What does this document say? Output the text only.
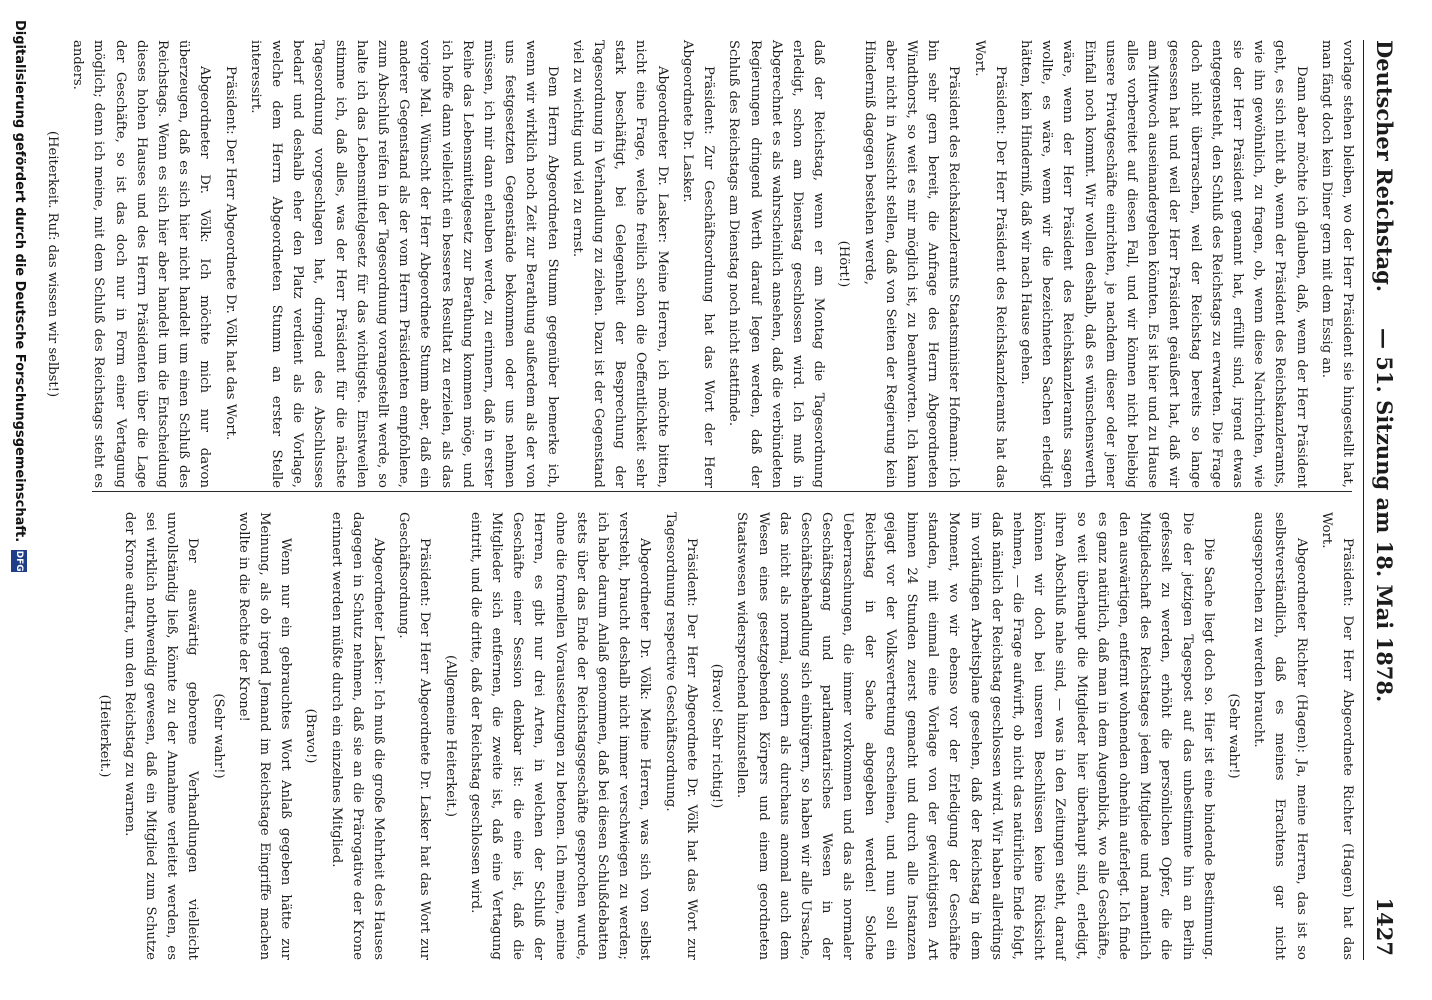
Deutscher Reichstag.
— 51. Sitzung am 18. Mai 1878.
1427

vorlage stehen bleiben, wo der Herr Präsident sie hingestellt hat, man fängt doch kein Diner gern mit dem Essig an.

Dann aber möchte ich glauben, daß, wenn der Herr Präsident geht, es sich nicht ab, wenn der Präsident des Reichskanzleramts, wie ihn gewöhnlich, zu fragen, ob, wenn diese Nachrichten, wie sie der Herr Präsident genannt hat, erfüllt sind, irgend etwas entgegensteht, den Schluß des Reichstags zu erwarten. Die Frage doch nicht überraschen, weil der Reichstag bereits so lange gesessen hat und weil der Herr Präsident geäußert hat, daß wir am Mittwoch auseinandergehen könnten. Es ist hier und zu Hause alles vorbereitet auf diesen Fall, und wir können nicht beliebig unsere Privatgeschäfte einrichten, je nachdem dieser oder jener Einfall noch kommt. Wir wollen deshalb, daß es wünschenswerth wäre, wenn der Herr Präsident des Reichskanzleramts sagen wollte, es wäre, wenn wir die bezeichneten Sachen erledigt hätten, kein Hinderniß, daß wir nach Hause gehen.

Präsident: Der Herr Präsident des Reichskanzleramts hat das Wort.

Präsident des Reichskanzleramts Staatsminister Hofmann: Ich bin sehr gern bereit, die Anfrage des Herrn Abgeordneten Windthorst, so weit es mir möglich ist, zu beantworten. Ich kann aber nicht in Aussicht stellen, daß von Seiten der Regierung kein Hinderniß dagegen bestehen werde,

(Hört!)

daß der Reichstag, wenn er am Montag die Tagesordnung erledigt, schon am Dienstag geschlossen wird. Ich muß in Abgerechnet es als wahrscheinlich ansehen, daß die verbündeten Regierungen dringend Werth darauf legen werden, daß der Schluß des Reichstags am Dienstag noch nicht stattfinde.

Präsident: Zur Geschäftsordnung hat das Wort der Herr Abgeordnete Dr. Lasker.

Abgeordneter Dr. Lasker: Meine Herren, ich möchte bitten, nicht eine Frage, welche freilich schon die Oeffentlichkeit sehr stark beschäftigt, bei Gelegenheit der Besprechung der Tagesordnung in Verhandlung zu ziehen. Dazu ist der Gegenstand viel zu wichtig und viel zu ernst.

Dem Herrn Abgeordneten Stumm gegenüber bemerke ich, wenn wir wirklich noch Zeit zur Berathung außerdem als der von uns festgesetzten Gegenstände bekommen oder uns nehmen müssen, ich mir dann erlauben werde, zu erinnern, daß in erster Reihe das Lebensmittelgesetz zur Berathung kommen möge, und ich hoffe dann vielleicht ein besseres Resultat zu erzielen, als das vorige Mal. Wünscht der Herr Abgeordnete Stumm aber, daß ein anderer Gegenstand als der vom Herrn Präsidenten empfohlene, zum Abschluß reifen in der Tagesordnung vorangestellt werde, so halte ich das Lebensmittelgesetz für das wichtigste. Einstweilen stimme ich, daß alles, was der Herr Präsident für die nächste Tagesordnung vorgeschlagen hat, dringend des Abschlusses bedarf und deshalb eher den Platz verdient als die Vorlage, welche dem Herrn Abgeordneten Stumm an erster Stelle interessirt.

Präsident: Der Herr Abgeordnete Dr. Völk hat das Wort.

Abgeordneter Dr. Völk: Ich möchte mich nur davon überzeugen, daß es sich hier nicht handelt um einen Schluß des Reichstags. Wenn es sich hier aber handelt um die Entscheidung dieses hohen Hauses und des Herrn Präsidenten über die Lage der Geschäfte, so ist das doch nur in Form einer Vertagung möglich; denn ich meine, mit dem Schluß des Reichstags steht es anders.

(Heiterkeit. Ruf: das wissen wir selbst!)

Präsident: Der Herr Abgeordnete Richter (Hagen) hat das Wort.

Abgeordneter Richter (Hagen): Ja, meine Herren, das ist so selbstverständlich, daß es meines Erachtens gar nicht ausgesprochen zu werden braucht.

(Sehr wahr!)

Die Sache liegt doch so. Hier ist eine bindende Bestimmung. Die der jetzigen Tagespost auf das unbestimmte hin an Berlin gefesselt zu werden, erhöht die persönlichen Opfer, die die Mitgliedschaft des Reichstages jedem Mitgliede und namentlich den auswärtigen, entfernt wohnenden ohnehin auferlegt. Ich finde es ganz natürlich, daß man in dem Augenblick, wo alle Geschäfte, so weit überhaupt die Mitglieder hier überhaupt sind, erledigt, ihren Abschluß nahe sind, — was in den Zeitungen steht, darauf können wir doch bei unseren Beschlüssen keine Rücksicht nehmen, — die Frage aufwirft, ob nicht das natürliche Ende folgt, daß nämlich der Reichstag geschlossen wird. Wir haben allerdings im vorläufigen Arbeitsplane gesehen, daß der Reichstag in dem Moment, wo wir ebenso vor der Erledigung der Geschäfte standen, mit einmal eine Vorlage von der gewichtigsten Art binnen 24 Stunden zuerst gemacht und durch alle Instanzen gejagt vor der Volksvertretung erscheinen, und nun soll ein Reichstag in der Sache abgegeben werden! Solche Ueberraschungen, die immer vorkommen und das als normaler Geschäftsgang und parlamentarisches Wesen in der Geschäftsbehandlung sich einbürgern, so haben wir alle Ursache, das nicht als normal, sondern als durchaus anomal auch dem Wesen eines gesetzgebenden Körpers und einem geordneten Staatswesen widersprechend hinzustellen.

(Bravo! Sehr richtig!)

Präsident: Der Herr Abgeordnete Dr. Völk hat das Wort zur Tagesordnung respective Geschäftsordnung.

Abgeordneter Dr. Völk: Meine Herren, was sich von selbst versteht, braucht deshalb nicht immer verschwiegen zu werden; ich habe darum Anlaß genommen, daß bei diesen Schlußdebatten stets über das Ende der Reichstagsgeschäfte gesprochen wurde, ohne die formellen Voraussetzungen zu betonen. Ich meine, meine Herren, es gibt nur drei Arten, in welchen der Schluß der Geschäfte einer Session denkbar ist: die eine ist, daß die Mitglieder sich entfernen, die zweite ist, daß eine Vertagung eintritt, und die dritte, daß der Reichstag geschlossen wird.

(Allgemeine Heiterkeit.)

Präsident: Der Herr Abgeordnete Dr. Lasker hat das Wort zur Geschäftsordnung.

Abgeordneter Lasker: Ich muß die große Mehrheit des Hauses dagegen in Schutz nehmen, daß sie an die Prärogative der Krone erinnert werden müßte durch ein einzelnes Mitglied.

(Bravo!)

Wenn nur ein gebrauchtes Wort Anlaß gegeben hätte zur Meinung, als ob irgend Jemand im Reichstage Eingriffe machen wollte in die Rechte der Krone!

(Sehr wahr!)

Der auswärtig geborene Verhandlungen vielleicht unvollständig ließ, könnte zu der Annahme verleitet werden, es sei wirklich nothwendig gewesen, daß ein Mitglied zum Schutze der Krone auftrat, um den Reichstag zu warnen.

(Heiterkeit.)

Digitalisierung gefördert durch die Deutsche Forschungsgemeinschaft.DFG
